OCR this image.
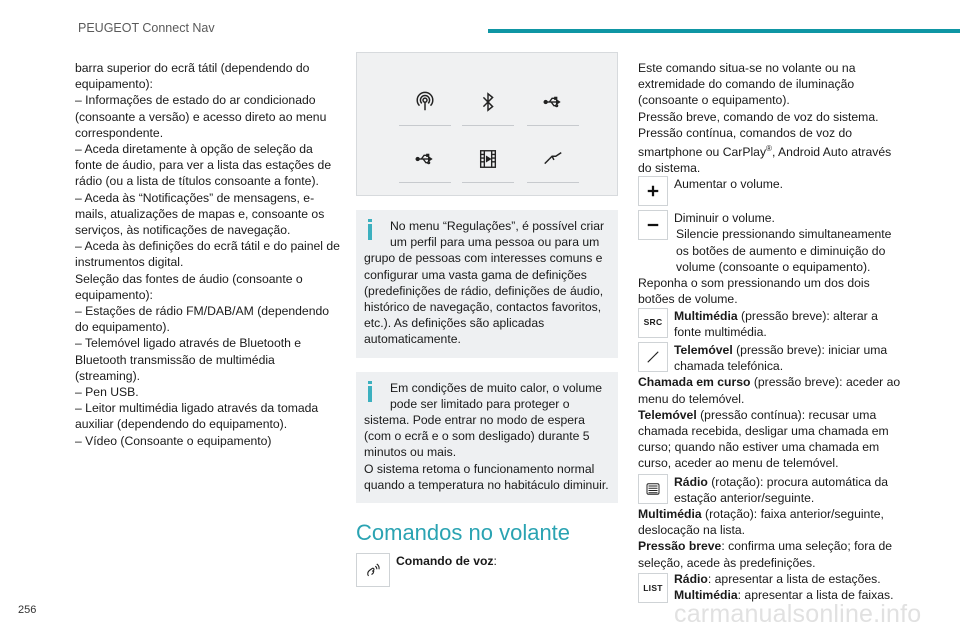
PEUGEOT Connect Nav

barra superior do ecrã tátil (dependendo do equipamento):

– Informações de estado do ar condicionado (consoante a versão) e acesso direto ao menu correspondente.

– Aceda diretamente à opção de seleção da fonte de áudio, para ver a lista das estações de rádio (ou a lista de títulos consoante a fonte).

– Aceda às “Notificações” de mensagens, e-mails, atualizações de mapas e, consoante os serviços, às notificações de navegação.

– Aceda às definições do ecrã tátil e do painel de instrumentos digital.

Seleção das fontes de áudio (consoante o equipamento):

– Estações de rádio FM/DAB/AM (dependendo do equipamento).

– Telemóvel ligado através de Bluetooth e Bluetooth transmissão de multimédia (streaming).

– Pen USB.

– Leitor multimédia ligado através da tomada auxiliar (dependendo do equipamento).

– Vídeo (Consoante o equipamento)

No menu “Regulações”, é possível criar

um perfil para uma pessoa ou para um grupo de pessoas com interesses comuns e configurar uma vasta gama de definições (predefinições de rádio, definições de áudio, histórico de navegação, contactos favoritos, etc.). As definições são aplicadas automaticamente.

Em condições de muito calor, o volume

pode ser limitado para proteger o sistema. Pode entrar no modo de espera (com o ecrã e o som desligado) durante 5 minutos ou mais.

O sistema retoma o funcionamento normal quando a temperatura no habitáculo diminuir.

Comandos no volante
Comando de voz:

Este comando situa-se no volante ou na extremidade do comando de iluminação (consoante o equipamento).

Pressão breve, comando de voz do sistema.

Pressão contínua, comandos de voz do smartphone ou CarPlay®, Android Auto através do sistema.

Aumentar o volume.
Diminuir o volume.

Silencie pressionando simultaneamente os botões de aumento e diminuição do volume (consoante o equipamento).

Reponha o som pressionando um dos dois botões de volume.

SRC Multimédia (pressão breve): alterar a fonte multimédia.
Telemóvel (pressão breve): iniciar uma chamada telefónica.

Chamada em curso (pressão breve): aceder ao menu do telemóvel.

Telemóvel (pressão contínua): recusar uma chamada recebida, desligar uma chamada em curso; quando não estiver uma chamada em curso, aceder ao menu de telemóvel.

Rádio (rotação): procura automática da estação anterior/seguinte.

Multimédia (rotação): faixa anterior/seguinte, deslocação na lista.

Pressão breve: confirma uma seleção; fora de seleção, acede às predefinições.

LIST
Rádio: apresentar a lista de estações.
Multimédia: apresentar a lista de faixas.
256	carmanualsonline.info
